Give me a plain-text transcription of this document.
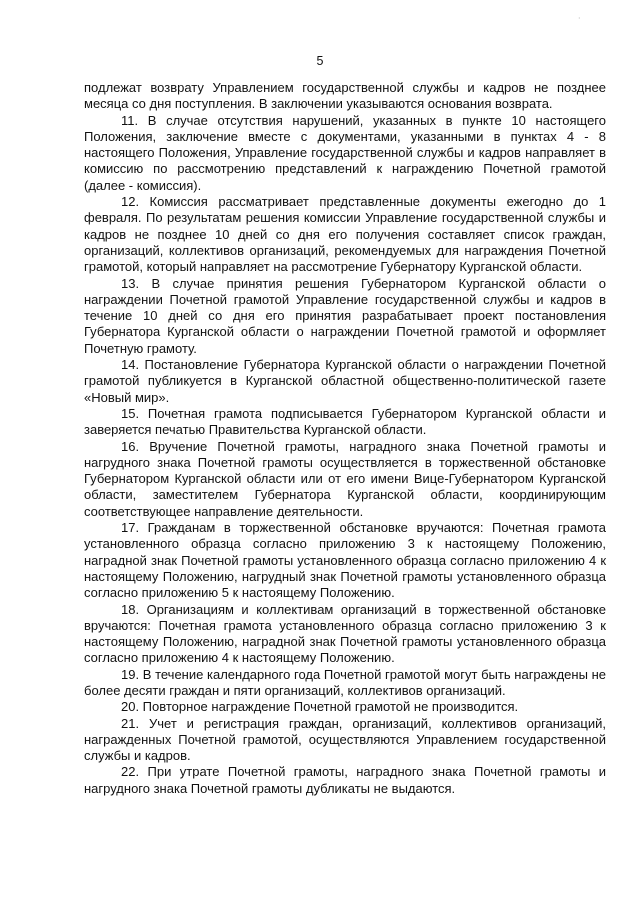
·
5

подлежат возврату Управлением государственной службы и кадров не позднее месяца со дня поступления. В заключении указываются основания возврата.

11. В случае отсутствия нарушений, указанных в пункте 10 настоящего Положения, заключение вместе с документами, указанными в пунктах 4 - 8 настоящего Положения, Управление государственной службы и кадров направляет в комиссию по рассмотрению представлений к награждению Почетной грамотой (далее - комиссия).

12. Комиссия рассматривает представленные документы ежегодно до 1 февраля. По результатам решения комиссии Управление государственной службы и кадров не позднее 10 дней со дня его получения составляет список граждан, организаций, коллективов организаций, рекомендуемых для награждения Почетной грамотой, который направляет на рассмотрение Губернатору Курганской области.

13. В случае принятия решения Губернатором Курганской области о награждении Почетной грамотой Управление государственной службы и кадров в течение 10 дней со дня его принятия разрабатывает проект постановления Губернатора Курганской области о награждении Почетной грамотой и оформляет Почетную грамоту.

14. Постановление Губернатора Курганской области о награждении Почетной грамотой публикуется в Курганской областной общественно-политической газете «Новый мир».

15. Почетная грамота подписывается Губернатором Курганской области и заверяется печатью Правительства Курганской области.

16. Вручение Почетной грамоты, наградного знака Почетной грамоты и нагрудного знака Почетной грамоты осуществляется в торжественной обстановке Губернатором Курганской области или от его имени Вице-Губернатором Курганской области, заместителем Губернатора Курганской области, координирующим соответствующее направление деятельности.

17. Гражданам в торжественной обстановке вручаются: Почетная грамота установленного образца согласно приложению 3 к настоящему Положению, наградной знак Почетной грамоты установленного образца согласно приложению 4 к настоящему Положению, нагрудный знак Почетной грамоты установленного образца согласно приложению 5 к настоящему Положению.

18. Организациям и коллективам организаций в торжественной обстановке вручаются: Почетная грамота установленного образца согласно приложению 3 к настоящему Положению, наградной знак Почетной грамоты установленного образца согласно приложению 4 к настоящему Положению.

19. В течение календарного года Почетной грамотой могут быть награждены не более десяти граждан и пяти организаций, коллективов организаций.

20. Повторное награждение Почетной грамотой не производится.

21. Учет и регистрация граждан, организаций, коллективов организаций, награжденных Почетной грамотой, осуществляются Управлением государственной службы и кадров.

22. При утрате Почетной грамоты, наградного знака Почетной грамоты и нагрудного знака Почетной грамоты дубликаты не выдаются.
